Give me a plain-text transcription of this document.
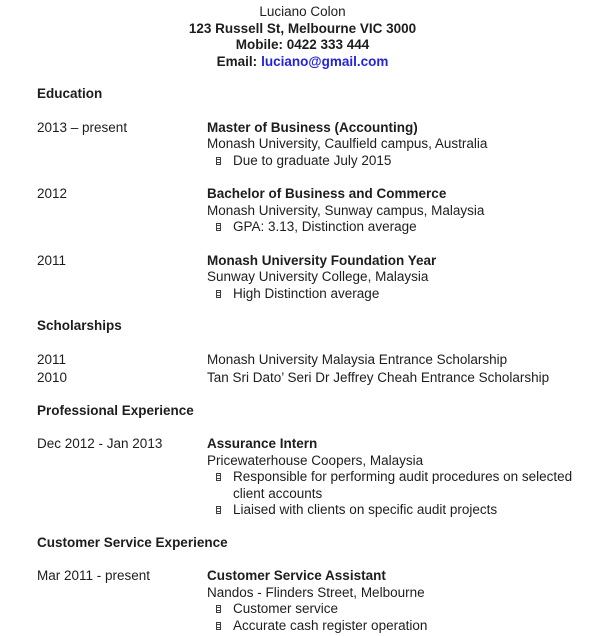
Luciano Colon
123 Russell St, Melbourne VIC 3000
Mobile: 0422 333 444
Email: luciano@gmail.com
Education
2013 – present	Master of Business (Accounting)
Monash University, Caulfield campus, Australia
Due to graduate July 2015
2012	Bachelor of Business and Commerce
Monash University, Sunway campus, Malaysia
GPA: 3.13, Distinction average
2011	Monash University Foundation Year
Sunway University College, Malaysia
High Distinction average
Scholarships
2011	Monash University Malaysia Entrance Scholarship
2010	Tan Sri Dato’ Seri Dr Jeffrey Cheah Entrance Scholarship
Professional Experience
Dec 2012 - Jan 2013	Assurance Intern
Pricewaterhouse Coopers, Malaysia
Responsible for performing audit procedures on selected client accounts
Liaised with clients on specific audit projects
Customer Service Experience
Mar 2011 - present	Customer Service Assistant
Nandos - Flinders Street, Melbourne
Customer service
Accurate cash register operation
